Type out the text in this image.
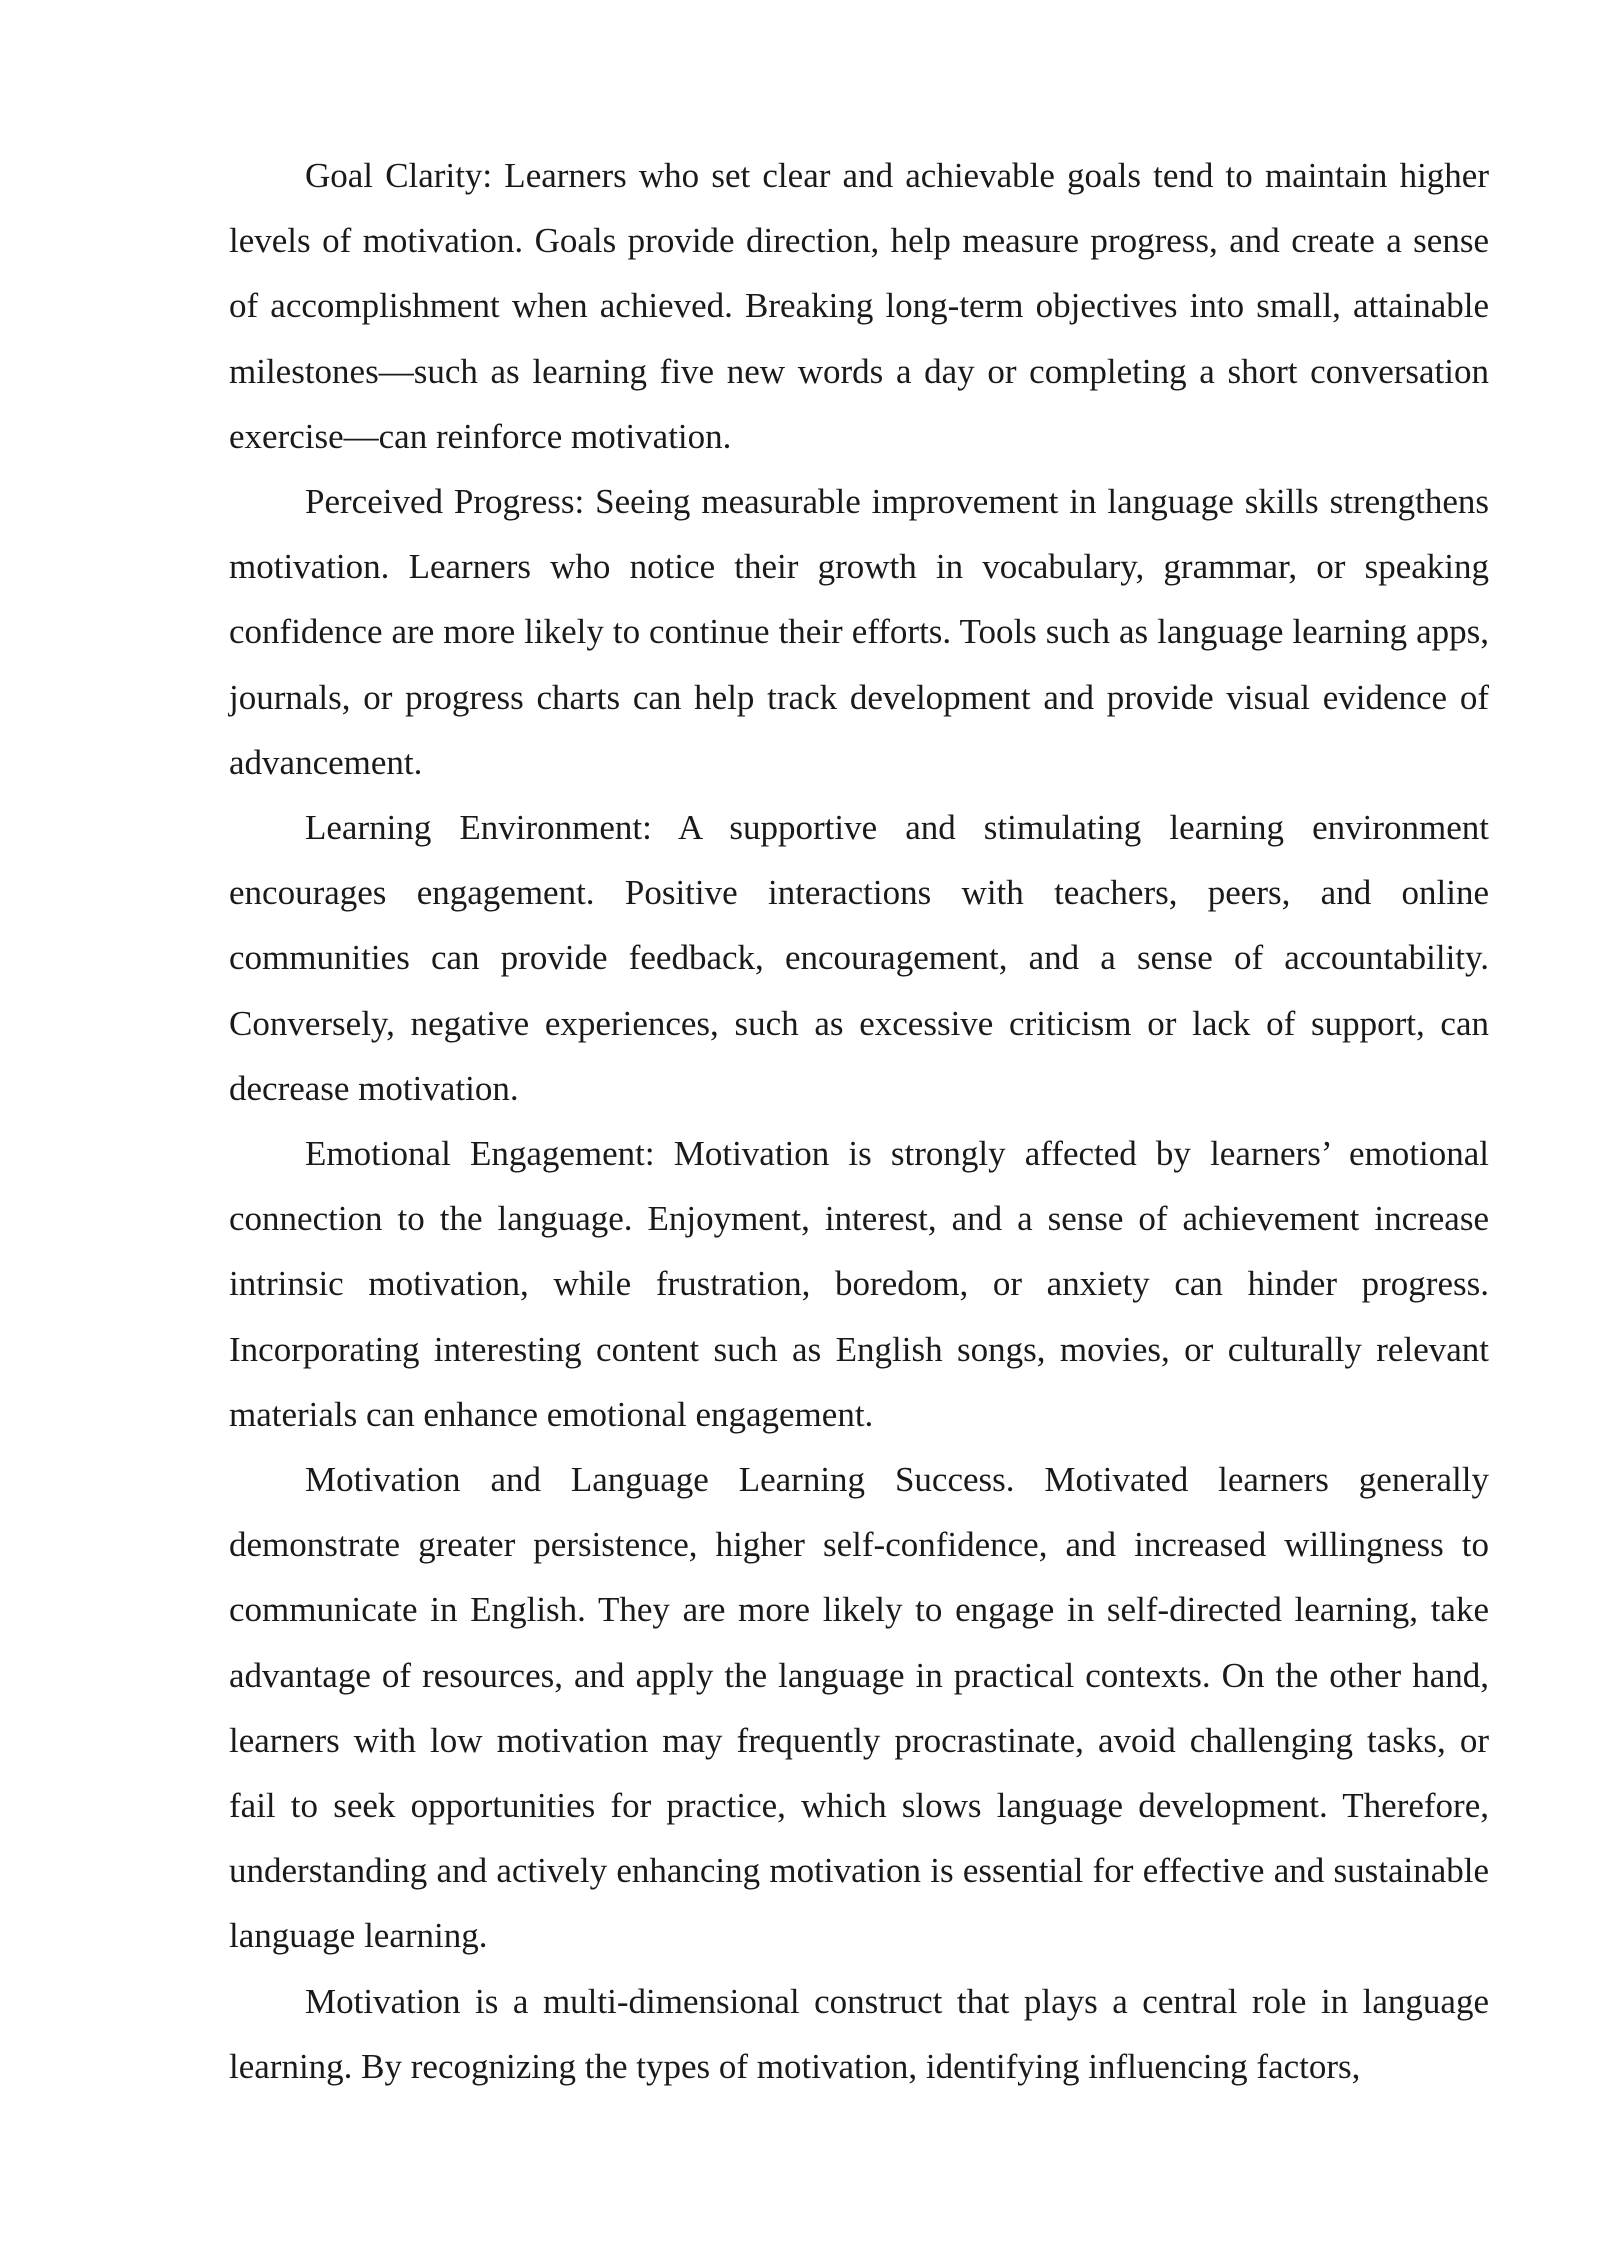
Goal Clarity: Learners who set clear and achievable goals tend to maintain higher levels of motivation. Goals provide direction, help measure progress, and create a sense of accomplishment when achieved. Breaking long-term objectives into small, attainable milestones—such as learning five new words a day or completing a short conversation exercise—can reinforce motivation.

Perceived Progress: Seeing measurable improvement in language skills strengthens motivation. Learners who notice their growth in vocabulary, grammar, or speaking confidence are more likely to continue their efforts. Tools such as language learning apps, journals, or progress charts can help track development and provide visual evidence of advancement.

Learning Environment: A supportive and stimulating learning environment encourages engagement. Positive interactions with teachers, peers, and online communities can provide feedback, encouragement, and a sense of accountability. Conversely, negative experiences, such as excessive criticism or lack of support, can decrease motivation.

Emotional Engagement: Motivation is strongly affected by learners’ emotional connection to the language. Enjoyment, interest, and a sense of achievement increase intrinsic motivation, while frustration, boredom, or anxiety can hinder progress. Incorporating interesting content such as English songs, movies, or culturally relevant materials can enhance emotional engagement.

Motivation and Language Learning Success. Motivated learners generally demonstrate greater persistence, higher self-confidence, and increased willingness to communicate in English. They are more likely to engage in self-directed learning, take advantage of resources, and apply the language in practical contexts. On the other hand, learners with low motivation may frequently procrastinate, avoid challenging tasks, or fail to seek opportunities for practice, which slows language development. Therefore, understanding and actively enhancing motivation is essential for effective and sustainable language learning.

Motivation is a multi-dimensional construct that plays a central role in language learning. By recognizing the types of motivation, identifying influencing factors,
